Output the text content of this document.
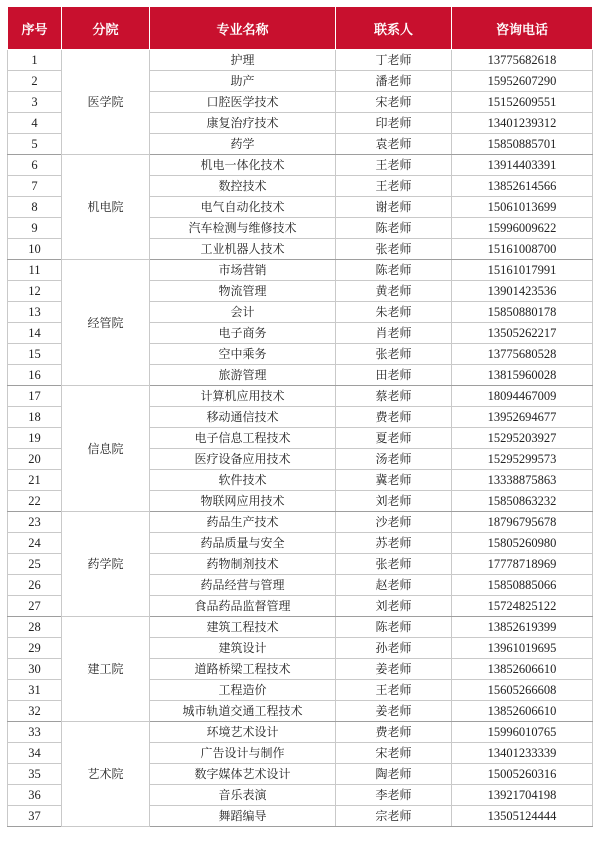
序号	分院	专业名称	联系人	咨询电话
1	医学院	护理	丁老师	13775682618
2		助产	潘老师	15952607290
3		口腔医学技术	宋老师	15152609551
4		康复治疗技术	印老师	13401239312
5		药学	袁老师	15850885701
6	机电院	机电一体化技术	王老师	13914403391
7		数控技术	王老师	13852614566
8		电气自动化技术	谢老师	15061013699
9		汽车检测与维修技术	陈老师	15996009622
10		工业机器人技术	张老师	15161008700
11	经管院	市场营销	陈老师	15161017991
12		物流管理	黄老师	13901423536
13		会计	朱老师	15850880178
14		电子商务	肖老师	13505262217
15		空中乘务	张老师	13775680528
16		旅游管理	田老师	13815960028
17	信息院	计算机应用技术	蔡老师	18094467009
18		移动通信技术	费老师	13952694677
19		电子信息工程技术	夏老师	15295203927
20		医疗设备应用技术	汤老师	15295299573
21		软件技术	冀老师	13338875863
22		物联网应用技术	刘老师	15850863232
23	药学院	药品生产技术	沙老师	18796795678
24		药品质量与安全	苏老师	15805260980
25		药物制剂技术	张老师	17778718969
26		药品经营与管理	赵老师	15850885066
27		食品药品监督管理	刘老师	15724825122
28	建工院	建筑工程技术	陈老师	13852619399
29		建筑设计	孙老师	13961019695
30		道路桥梁工程技术	姜老师	13852606610
31		工程造价	王老师	15605266608
32		城市轨道交通工程技术	姜老师	13852606610
33	艺术院	环境艺术设计	费老师	15996010765
34		广告设计与制作	宋老师	13401233339
35		数字媒体艺术设计	陶老师	15005260316
36		音乐表演	李老师	13921704198
37		舞蹈编导	宗老师	13505124444
